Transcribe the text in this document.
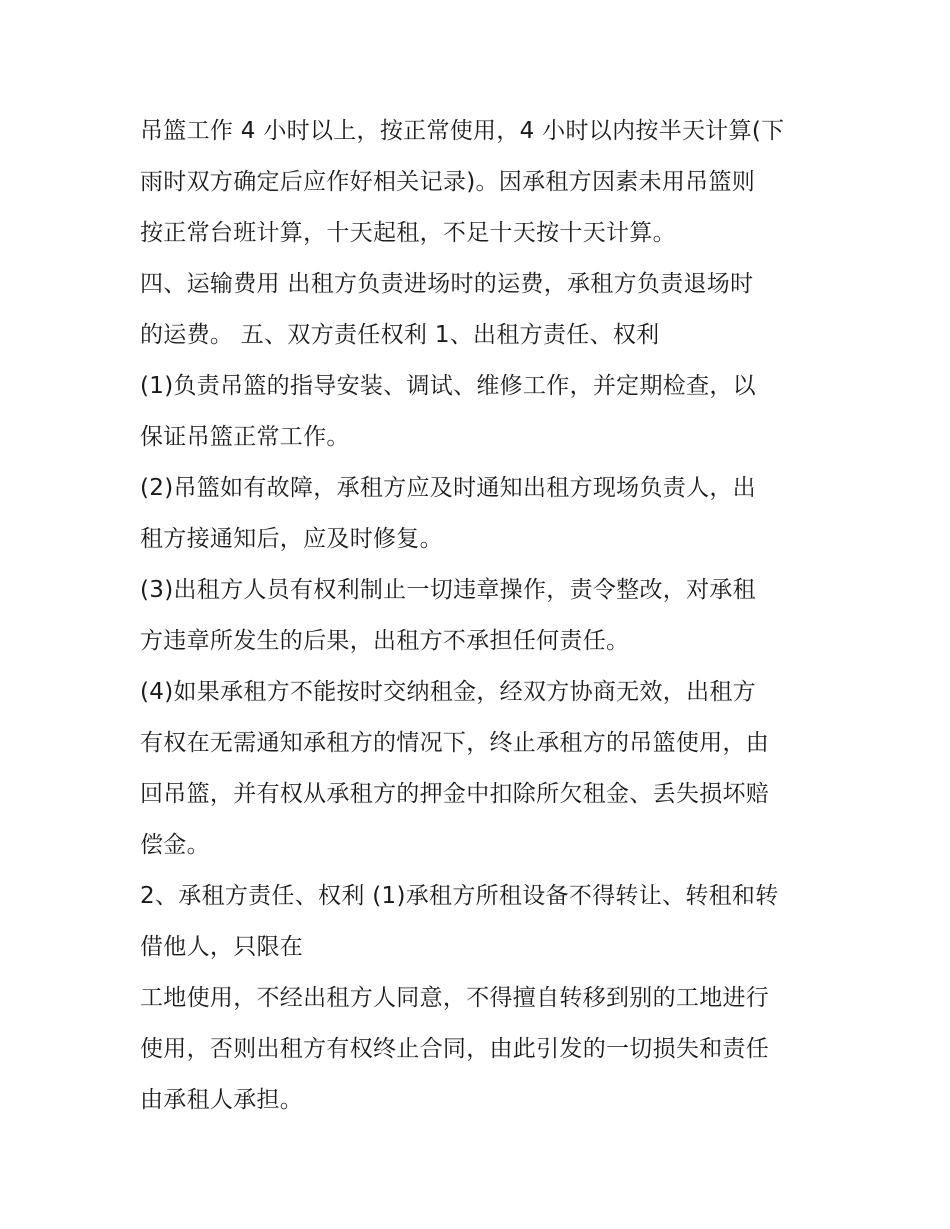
吊篮工作 4 小时以上，按正常使用，4 小时以内按半天计算(下
雨时双方确定后应作好相关记录)。因承租方因素未用吊篮则
按正常台班计算，十天起租，不足十天按十天计算。
四、运输费用 出租方负责进场时的运费，承租方负责退场时
的运费。 五、双方责任权利 1、出租方责任、权利
(1)负责吊篮的指导安装、调试、维修工作，并定期检查，以
保证吊篮正常工作。
(2)吊篮如有故障，承租方应及时通知出租方现场负责人，出
租方接通知后，应及时修复。
(3)出租方人员有权利制止一切违章操作，责令整改，对承租
方违章所发生的后果，出租方不承担任何责任。
(4)如果承租方不能按时交纳租金，经双方协商无效，出租方
有权在无需通知承租方的情况下，终止承租方的吊篮使用，由
回吊篮，并有权从承租方的押金中扣除所欠租金、丢失损坏赔
偿金。
2、承租方责任、权利 (1)承租方所租设备不得转让、转租和转
借他人，只限在
工地使用，不经出租方人同意，不得擅自转移到别的工地进行
使用，否则出租方有权终止合同，由此引发的一切损失和责任
由承租人承担。
